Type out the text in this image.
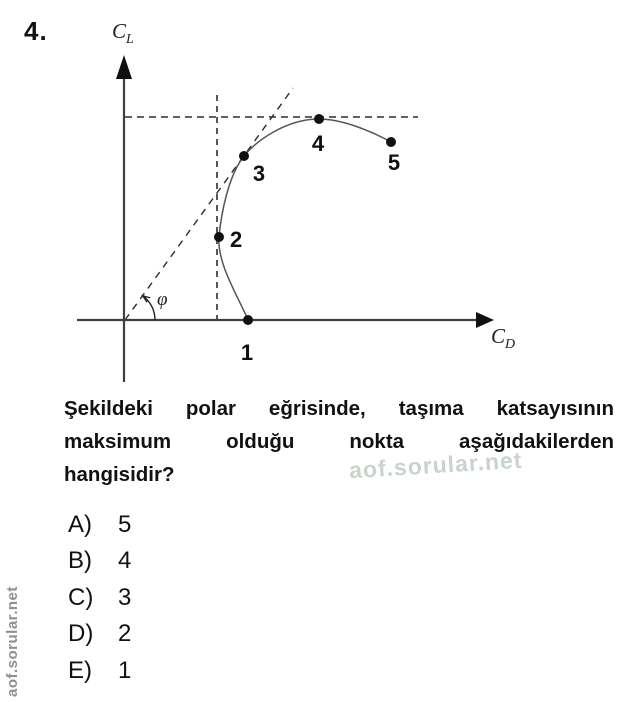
4.
1
2
3
4
5
$C_L$
$C_D$
φ
Şekildeki polar eğrisinde, taşıma katsayısının
maksimum olduğu nokta aşağıdakilerden
hangisidir?	aof.sorular.net
A)	5
B)	4
C)	3
D)	2
E)	1
aof.sorular.net
